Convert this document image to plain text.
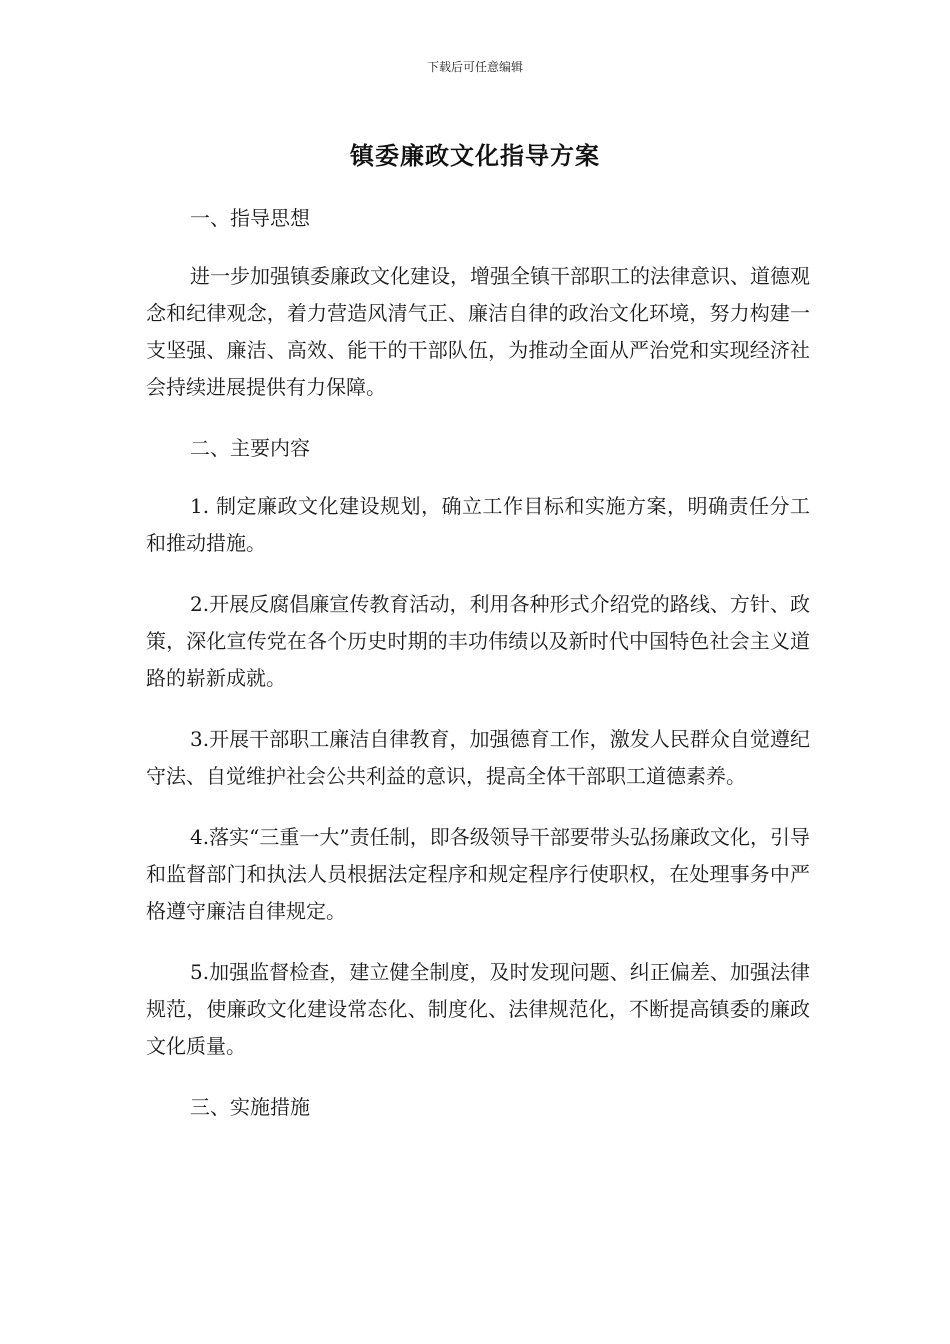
下载后可任意编辑
镇委廉政文化指导方案

一、指导思想

进一步加强镇委廉政文化建设，增强全镇干部职工的法律意识、道德观念和纪律观念，着力营造风清气正、廉洁自律的政治文化环境，努力构建一支坚强、廉洁、高效、能干的干部队伍，为推动全面从严治党和实现经济社会持续进展提供有力保障。

二、主要内容

1. 制定廉政文化建设规划，确立工作目标和实施方案，明确责任分工和推动措施。

2.开展反腐倡廉宣传教育活动，利用各种形式介绍党的路线、方针、政策，深化宣传党在各个历史时期的丰功伟绩以及新时代中国特色社会主义道路的崭新成就。

3.开展干部职工廉洁自律教育，加强德育工作，激发人民群众自觉遵纪守法、自觉维护社会公共利益的意识，提高全体干部职工道德素养。

4.落实“三重一大”责任制，即各级领导干部要带头弘扬廉政文化，引导和监督部门和执法人员根据法定程序和规定程序行使职权，在处理事务中严格遵守廉洁自律规定。

5.加强监督检查，建立健全制度，及时发现问题、纠正偏差、加强法律规范，使廉政文化建设常态化、制度化、法律规范化，不断提高镇委的廉政文化质量。

三、实施措施
